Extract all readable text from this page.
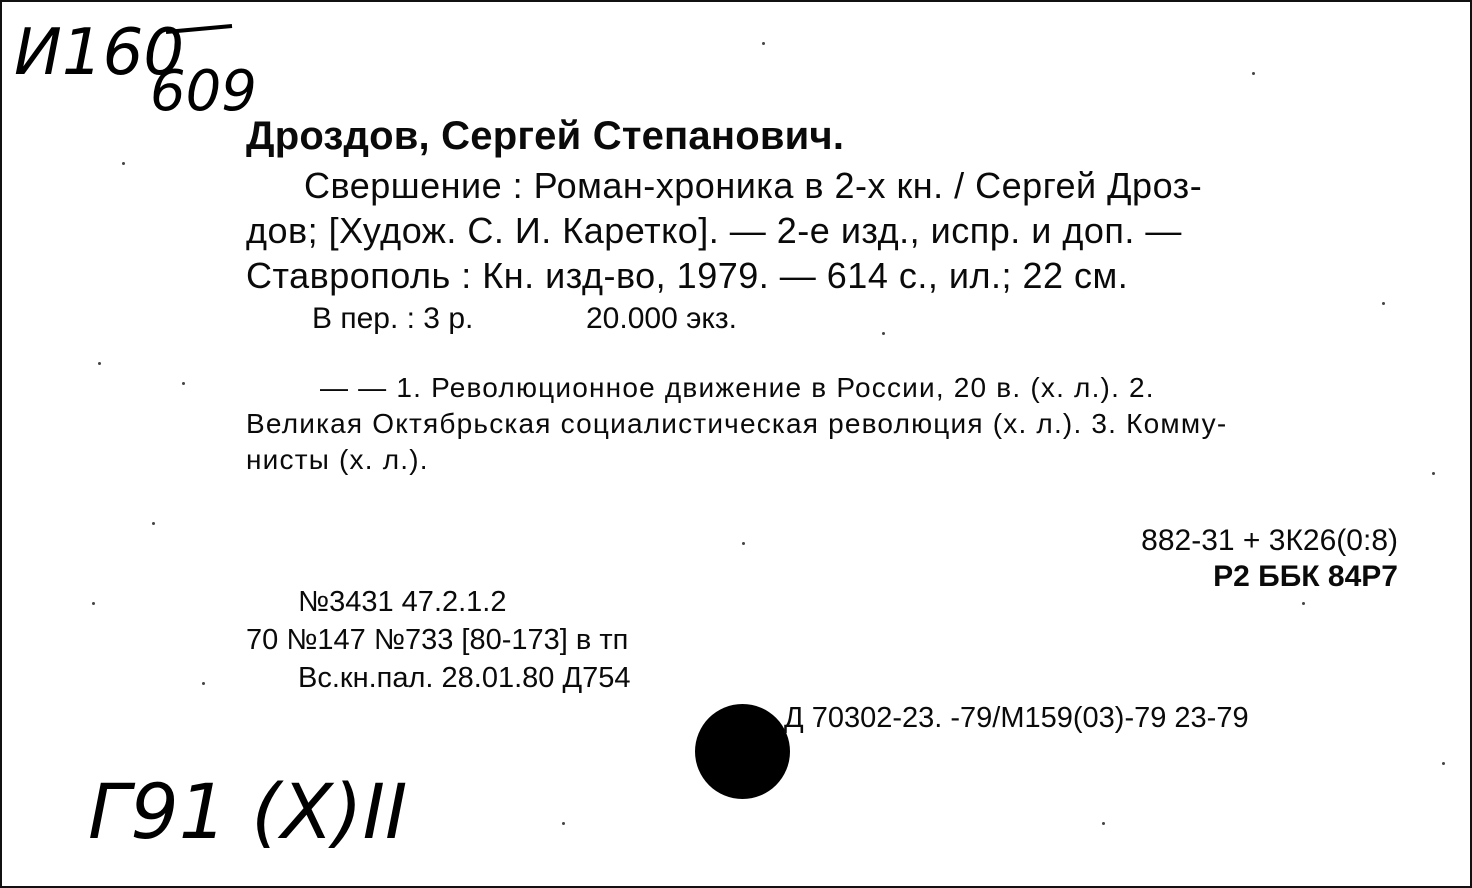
И160
609
Дроздов, Сергей Степанович.
Свершение : Роман-хроника в 2-х кн. / Сергей Дроз-
дов; [Худож. С. И. Каретко]. — 2-е изд., испр. и доп. —
Ставрополь : Кн. изд-во, 1979. — 614 с., ил.; 22 см.
В пер. : 3 р.	20.000 экз.
— — 1. Революционное движение в России, 20 в. (х. л.). 2.
Великая Октябрьская социалистическая революция (х. л.). 3. Комму-
нисты (х. л.).
882-31 + 3К26(0:8)
Р2 ББК 84Р7
№3431 47.2.1.2
70 №147 №733 [80-173] в тп
Вс.кн.пал. 28.01.80 Д754
Д 70302-23. -79/М159(03)-79 23-79
Г91 (Х)ІІ
